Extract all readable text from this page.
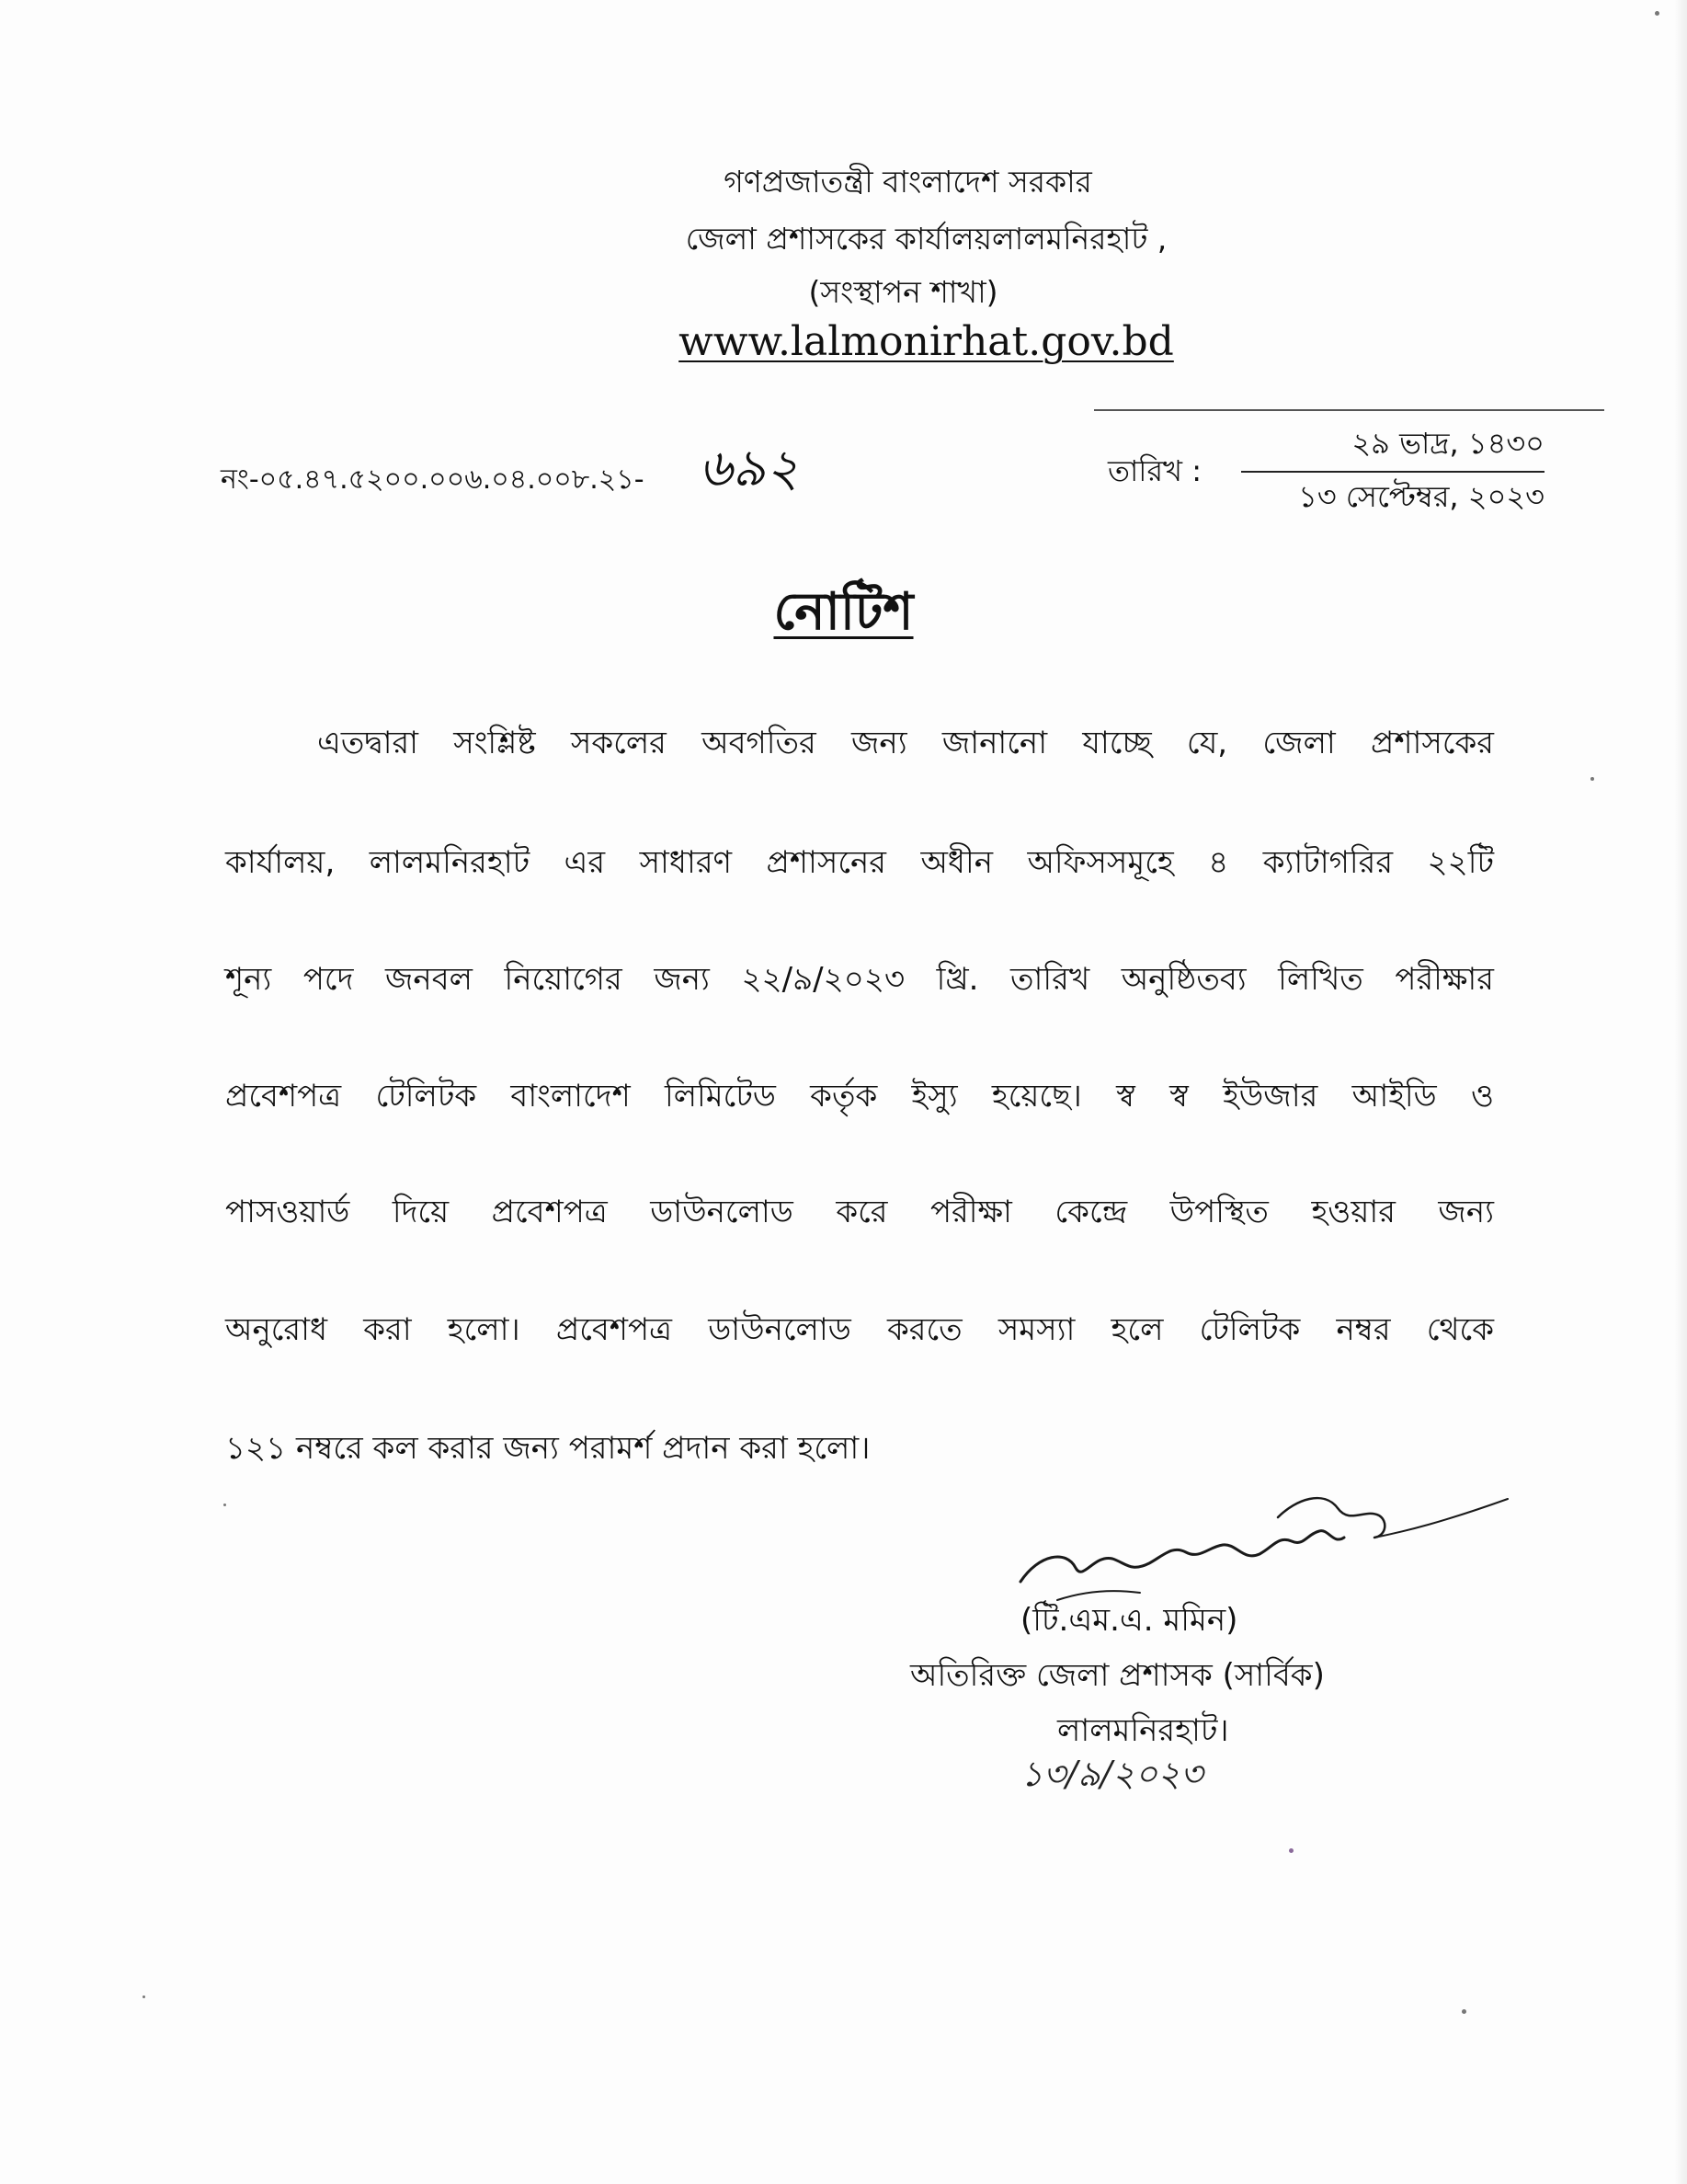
গণপ্রজাতন্ত্রী বাংলাদেশ সরকার
জেলা প্রশাসকের কার্যালয়লালমনিরহাট ,
(সংস্থাপন শাখা)
www.lalmonirhat.gov.bd
নং-০৫.৪৭.৫২০০.০০৬.০৪.০০৮.২১- ৬৯২	তারিখ :
২৯ ভাদ্র, ১৪৩০
১৩ সেপ্টেম্বর, ২০২৩
নোটিশ
এতদ্বারা সংশ্লিষ্ট সকলের অবগতির জন্য জানানো যাচ্ছে যে, জেলা প্রশাসকের
কার্যালয়, লালমনিরহাট এর সাধারণ প্রশাসনের অধীন অফিসসমূহে ৪ ক্যাটাগরির ২২টি
শূন্য পদে জনবল নিয়োগের জন্য ২২/৯/২০২৩ খ্রি. তারিখ অনুষ্ঠিতব্য লিখিত পরীক্ষার
প্রবেশপত্র টেলিটক বাংলাদেশ লিমিটেড কর্তৃক ইস্যু হয়েছে। স্ব স্ব ইউজার আইডি ও
পাসওয়ার্ড দিয়ে প্রবেশপত্র ডাউনলোড করে পরীক্ষা কেন্দ্রে উপস্থিত হওয়ার জন্য
অনুরোধ করা হলো। প্রবেশপত্র ডাউনলোড করতে সমস্যা হলে টেলিটক নম্বর থেকে
১২১ নম্বরে কল করার জন্য পরামর্শ প্রদান করা হলো।
(টি.এম.এ. মমিন)
অতিরিক্ত জেলা প্রশাসক (সার্বিক)
লালমনিরহাট।
১৩/৯/২০২৩
